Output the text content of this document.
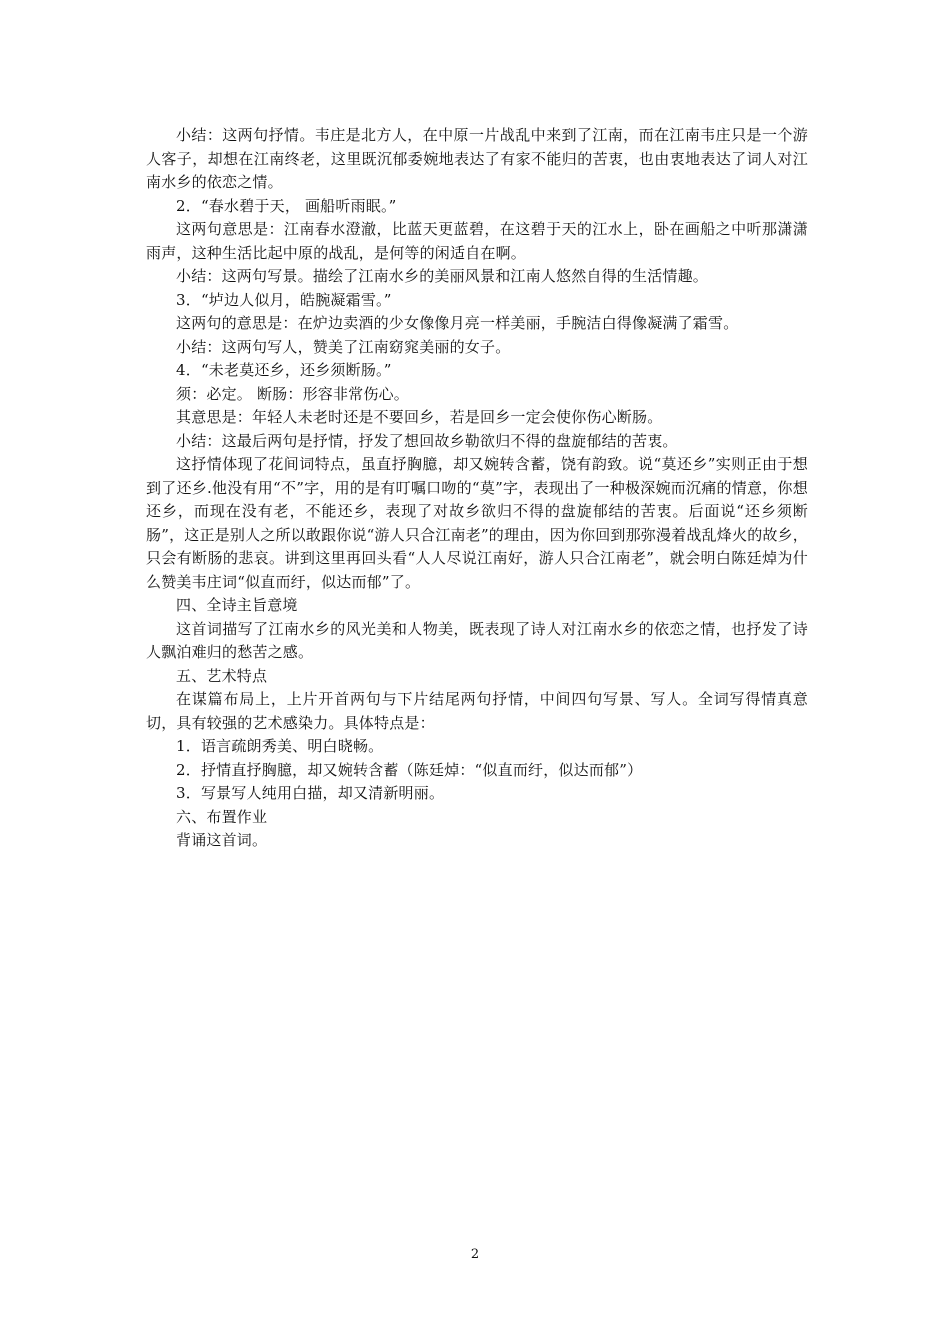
小结：这两句抒情。韦庄是北方人，在中原一片战乱中来到了江南，而在江南韦庄只是一个游人客子，却想在江南终老，这里既沉郁委婉地表达了有家不能归的苦衷，也由衷地表达了词人对江南水乡的依恋之情。

2．“春水碧于天， 画船听雨眠。”

这两句意思是：江南春水澄澈，比蓝天更蓝碧，在这碧于天的江水上，卧在画船之中听那潇潇雨声，这种生活比起中原的战乱，是何等的闲适自在啊。

小结：这两句写景。描绘了江南水乡的美丽风景和江南人悠然自得的生活情趣。

3．“垆边人似月，皓腕凝霜雪。”

这两句的意思是：在炉边卖酒的少女像像月亮一样美丽，手腕洁白得像凝满了霜雪。

小结：这两句写人，赞美了江南窈窕美丽的女子。

4．“未老莫还乡，还乡须断肠。”

须：必定。 断肠：形容非常伤心。

其意思是：年轻人未老时还是不要回乡，若是回乡一定会使你伤心断肠。

小结：这最后两句是抒情，抒发了想回故乡勒欲归不得的盘旋郁结的苦衷。

这抒情体现了花间词特点，虽直抒胸臆，却又婉转含蓄，饶有韵致。说“莫还乡”实则正由于想到了还乡.他没有用“不”字，用的是有叮嘱口吻的“莫”字，表现出了一种极深婉而沉痛的情意，你想还乡，而现在没有老，不能还乡，表现了对故乡欲归不得的盘旋郁结的苦衷。后面说“还乡须断肠”，这正是别人之所以敢跟你说“游人只合江南老”的理由，因为你回到那弥漫着战乱烽火的故乡，只会有断肠的悲哀。讲到这里再回头看“人人尽说江南好，游人只合江南老”，就会明白陈廷焯为什么赞美韦庄词“似直而纡，似达而郁”了。

四、全诗主旨意境

这首词描写了江南水乡的风光美和人物美，既表现了诗人对江南水乡的依恋之情，也抒发了诗人飘泊难归的愁苦之感。

五、艺术特点

在谋篇布局上，上片开首两句与下片结尾两句抒情，中间四句写景、写人。全词写得情真意切，具有较强的艺术感染力。具体特点是：

1．语言疏朗秀美、明白晓畅。

2．抒情直抒胸臆，却又婉转含蓄（陈廷焯：“似直而纡，似达而郁”）

3．写景写人纯用白描，却又清新明丽。

六、布置作业

背诵这首词。

2
